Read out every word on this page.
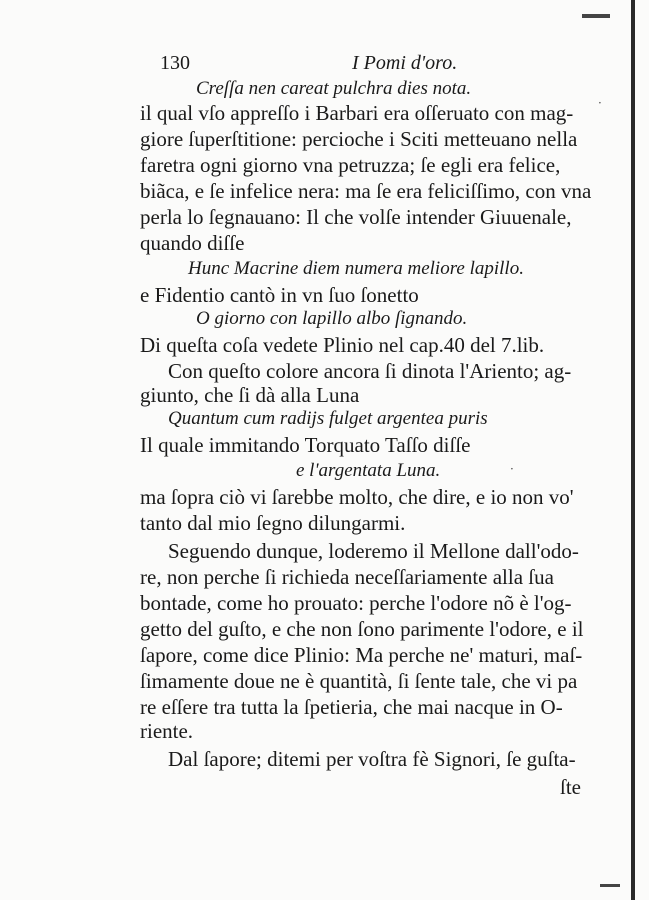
130	I Pomi d'oro.
Creſſa nen careat pulchra dies nota.
il qual vſo appreſſo i Barbari era oſſeruato con mag-
giore ſuperſtitione: percioche i Sciti metteuano nella
faretra ogni giorno vna petruzza; ſe egli era felice,
biãca, e ſe infelice nera: ma ſe era feliciſſimo, con vna
perla lo ſegnauano: Il che volſe intender Giuuenale,
quando diſſe
Hunc Macrine diem numera meliore lapillo.
e Fidentio cantò in vn ſuo ſonetto
O giorno con lapillo albo ſignando.
Di queſta coſa vedete Plinio nel cap.40 del 7.lib.
Con queſto colore ancora ſi dinota l'Ariento; ag-
giunto, che ſi dà alla Luna
Quantum cum radijs fulget argentea puris
Il quale immitando Torquato Taſſo diſſe
e l'argentata Luna.
ma ſopra ciò vi ſarebbe molto, che dire, e io non vo'
tanto dal mio ſegno dilungarmi.
Seguendo dunque, loderemo il Mellone dall'odo-
re, non perche ſi richieda neceſſariamente alla ſua
bontade, come ho prouato: perche l'odore nõ è l'og-
getto del guſto, e che non ſono parimente l'odore, e il
ſapore, come dice Plinio: Ma perche ne' maturi, maſ-
ſimamente doue ne è quantità, ſi ſente tale, che vi pa
re eſſere tra tutta la ſpetieria, che mai nacque in O-
riente.
Dal ſapore; ditemi per voſtra fè Signori, ſe guſta-
ſte
·
·
